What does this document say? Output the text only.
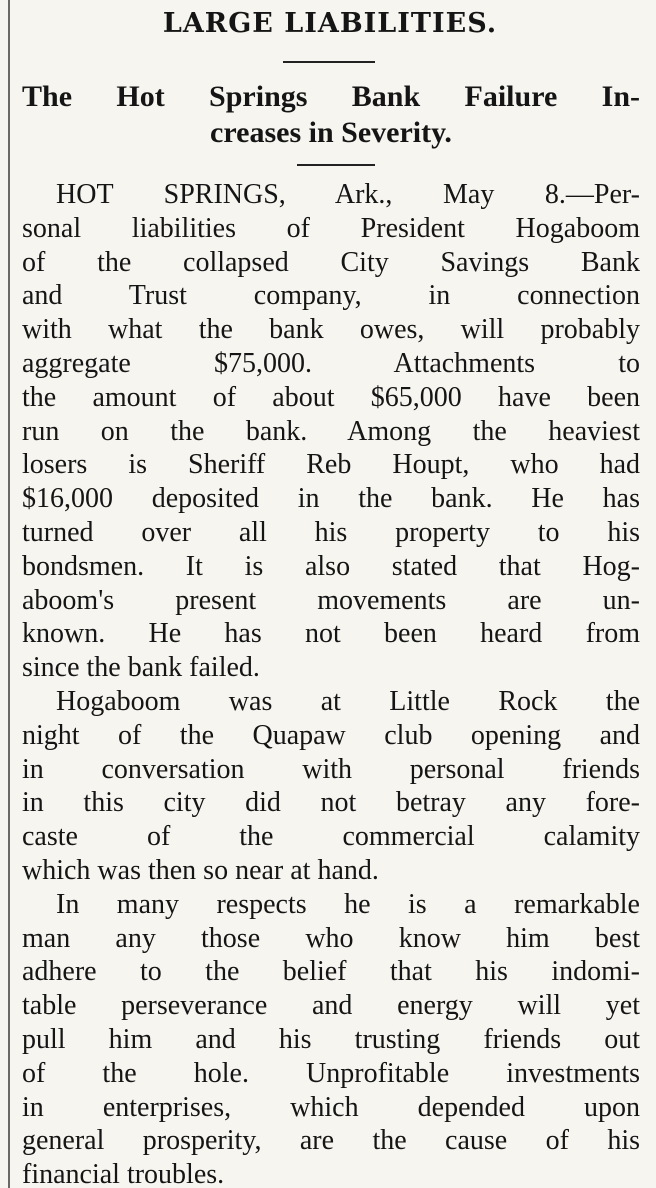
LARGE LIABILITIES.
The Hot Springs Bank Failure In-
creases in Severity.
HOT SPRINGS, Ark., May 8.—Per-
sonal liabilities of President Hogaboom
of the collapsed City Savings Bank
and Trust company, in connection
with what the bank owes, will probably
aggregate $75,000. Attachments to
the amount of about $65,000 have been
run on the bank. Among the heaviest
losers is Sheriff Reb Houpt, who had
$16,000 deposited in the bank. He has
turned over all his property to his
bondsmen. It is also stated that Hog-
aboom's present movements are un-
known. He has not been heard from
since the bank failed.
Hogaboom was at Little Rock the
night of the Quapaw club opening and
in conversation with personal friends
in this city did not betray any fore-
caste of the commercial calamity
which was then so near at hand.
In many respects he is a remarkable
man any those who know him best
adhere to the belief that his indomi-
table perseverance and energy will yet
pull him and his trusting friends out
of the hole. Unprofitable investments
in enterprises, which depended upon
general prosperity, are the cause of his
financial troubles.
